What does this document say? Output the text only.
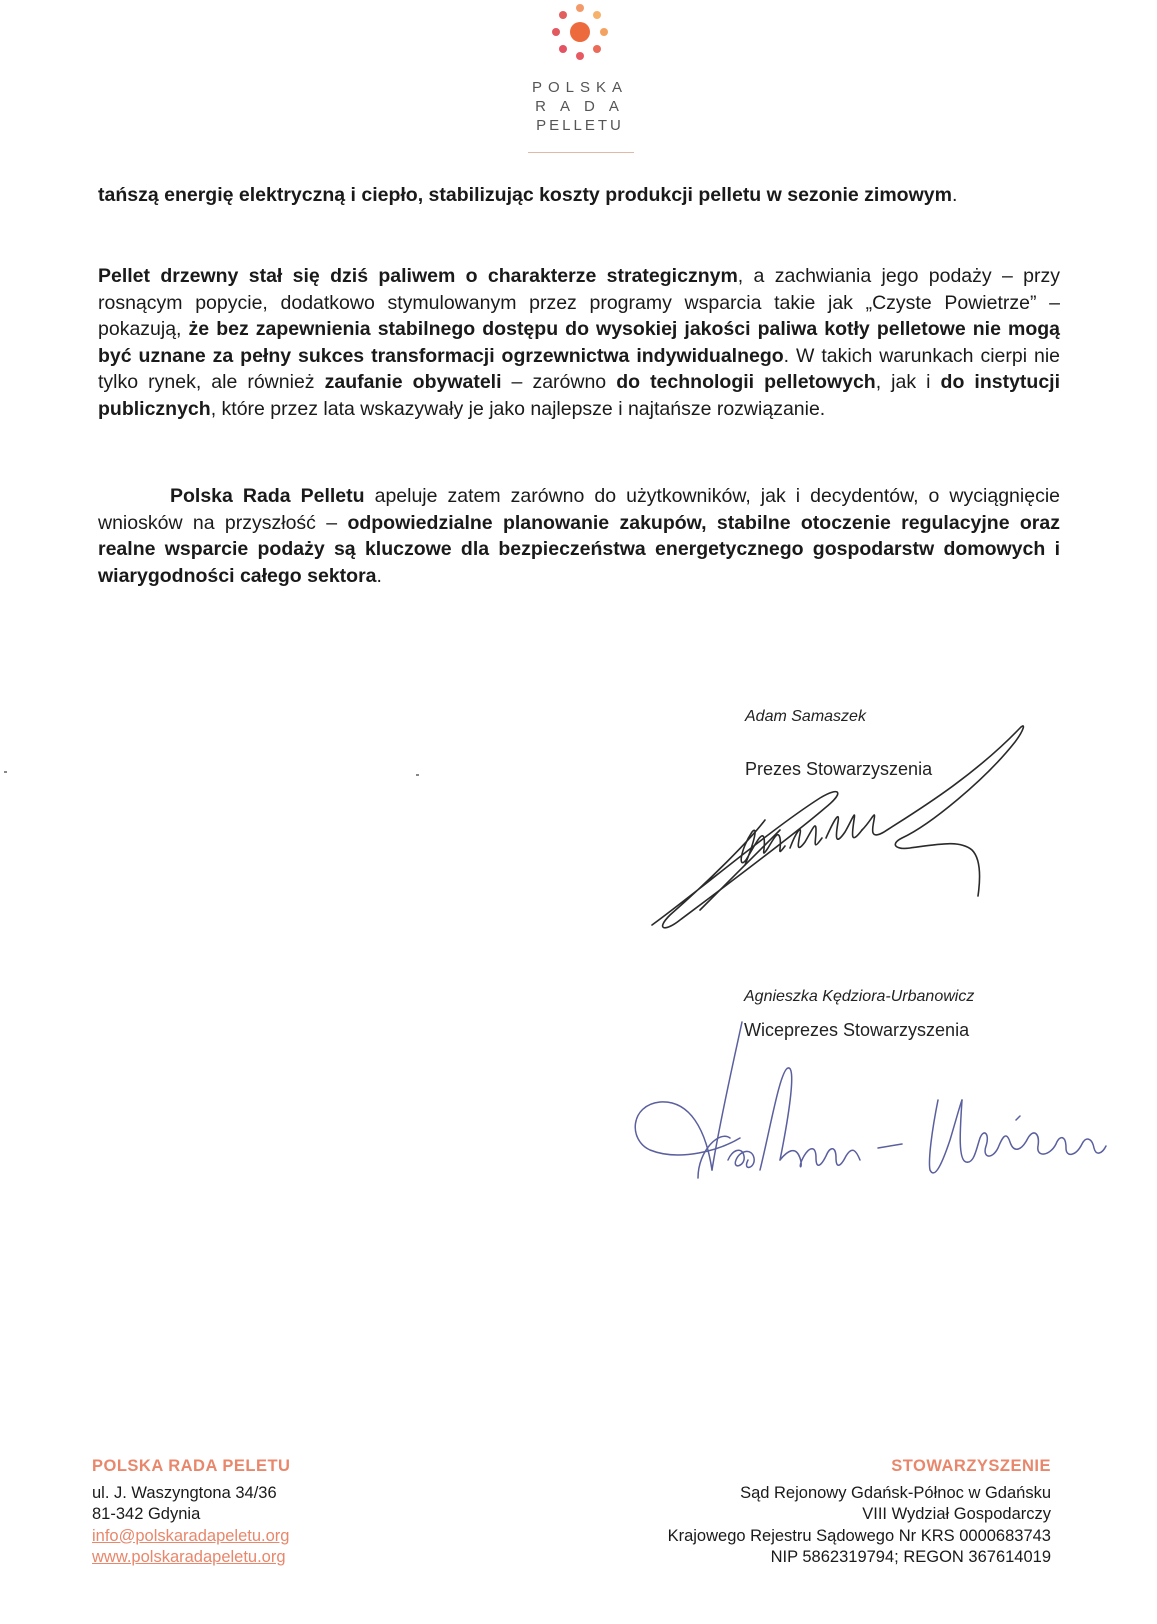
POLSKA
RADA
PELLETU
tańszą energię elektryczną i ciepło, stabilizując koszty produkcji pelletu w sezonie zimowym.
Pellet drzewny stał się dziś paliwem o charakterze strategicznym, a zachwiania jego podaży – przy rosnącym popycie, dodatkowo stymulowanym przez programy wsparcia takie jak „Czyste Powietrze” – pokazują, że bez zapewnienia stabilnego dostępu do wysokiej jakości paliwa kotły pelletowe nie mogą być uznane za pełny sukces transformacji ogrzewnictwa indywidualnego. W takich warunkach cierpi nie tylko rynek, ale również zaufanie obywateli – zarówno do technologii pelletowych, jak i do instytucji publicznych, które przez lata wskazywały je jako najlepsze i najtańsze rozwiązanie.
Polska Rada Pelletu apeluje zatem zarówno do użytkowników, jak i decydentów, o wyciągnięcie wniosków na przyszłość – odpowiedzialne planowanie zakupów, stabilne otoczenie regulacyjne oraz realne wsparcie podaży są kluczowe dla bezpieczeństwa energetycznego gospodarstw domowych i wiarygodności całego sektora.
Adam Samaszek
Prezes Stowarzyszenia
Agnieszka Kędziora-Urbanowicz
Wiceprezes Stowarzyszenia
POLSKA RADA PELETU
ul. J. Waszyngtona 34/36
81-342 Gdynia
info@polskaradapeletu.org
www.polskaradapeletu.org
STOWARZYSZENIE
Sąd Rejonowy Gdańsk-Północ w Gdańsku
VIII Wydział Gospodarczy
Krajowego Rejestru Sądowego Nr KRS 0000683743
NIP 5862319794; REGON 367614019
